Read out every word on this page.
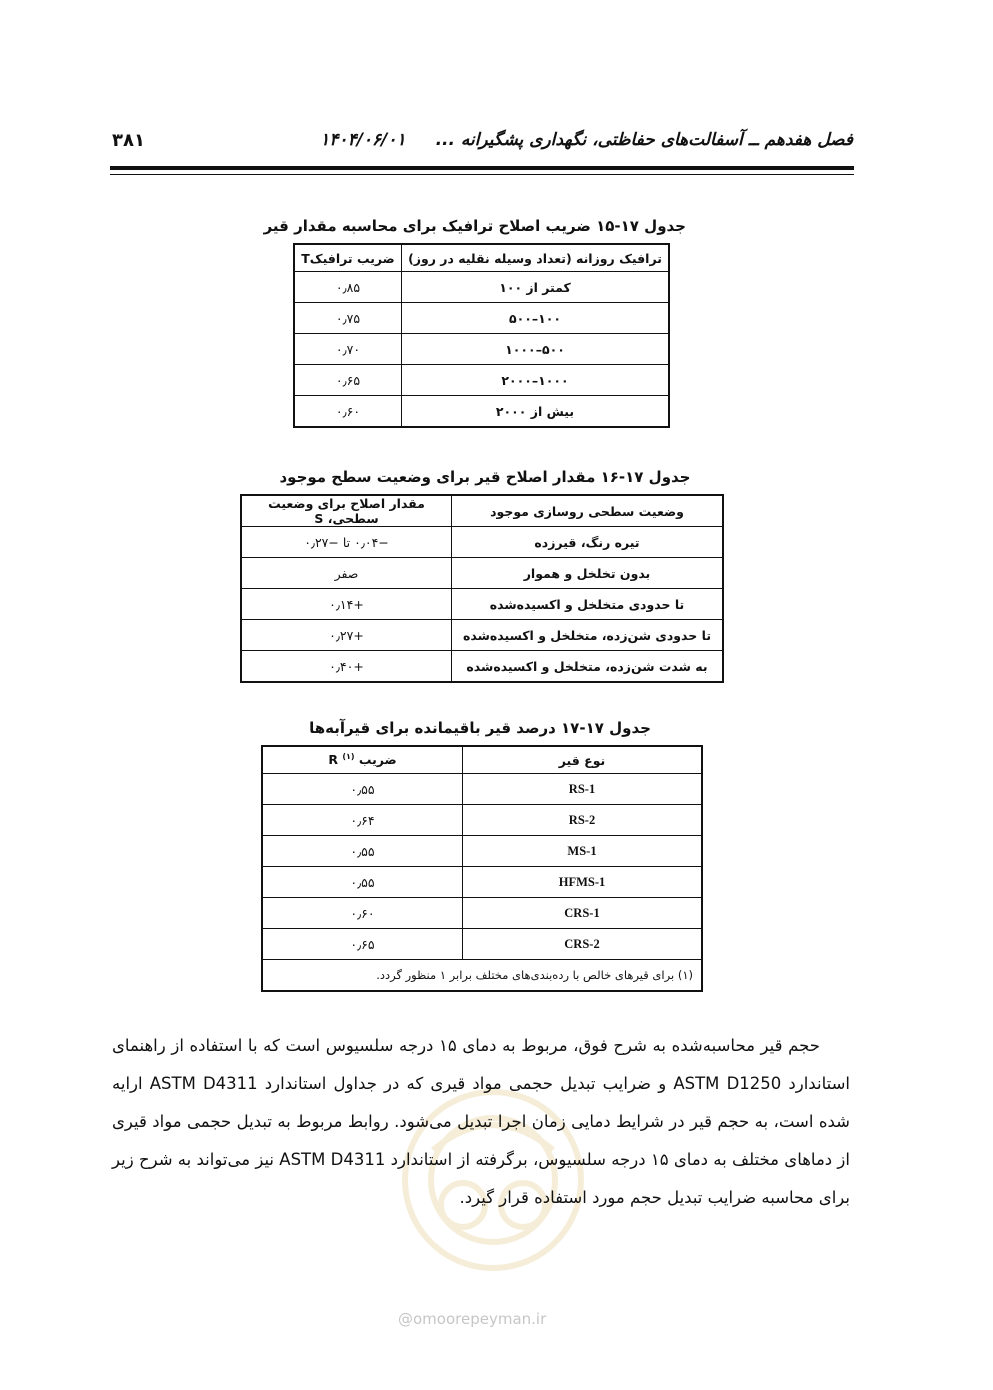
۳۸۱	فصل هفدهم ــ آسفالت‌های حفاظتی، نگهداری پشگیرانه ... ۱۴۰۴/۰۶/۰۱
جدول ۱۷-۱۵ ضریب اصلاح ترافیک برای محاسبه مقدار قیر
ترافیک روزانه (تعداد وسیله نقلیه در روز)	ضریب ترافیکT
کمتر از ۱۰۰	۰٫۸۵
۱۰۰–۵۰۰	۰٫۷۵
۵۰۰–۱۰۰۰	۰٫۷۰
۱۰۰۰–۲۰۰۰	۰٫۶۵
بیش از ۲۰۰۰	۰٫۶۰
جدول ۱۷-۱۶ مقدار اصلاح قیر برای وضعیت سطح موجود
وضعیت سطحی روسازی موجود	مقدار اصلاح برای وضعیت سطحی، S
تیره رنگ، قیرزده	−۰٫۰۴ تا −۰٫۲۷
بدون تخلخل و هموار	صفر
تا حدودی متخلخل و اکسیده‌شده	+۰٫۱۴
تا حدودی شن‌زده، متخلخل و اکسیده‌شده	+۰٫۲۷
به شدت شن‌زده، متخلخل و اکسیده‌شده	+۰٫۴۰
جدول ۱۷-۱۷ درصد قیر باقیمانده برای قیرآبه‌ها
نوع قیر	ضریب R $^{(۱)}$
RS-1	۰٫۵۵
RS-2	۰٫۶۴
MS-1	۰٫۵۵
HFMS-1	۰٫۵۵
CRS-1	۰٫۶۰
CRS-2	۰٫۶۵
(۱) برای قیرهای خالص با رده‌بندی‌های مختلف برابر ۱ منظور گردد.	
@omoorepeyman.ir

حجم قیر محاسبه‌شده به شرح فوق، مربوط به دمای ۱۵ درجه سلسیوس است که با استفاده از راهنمای استاندارد ASTM D1250 و ضرایب تبدیل حجمی مواد قیری که در جداول استاندارد ASTM D4311 ارایه شده است، به حجم قیر در شرایط دمایی زمان اجرا تبدیل می‌شود. روابط مربوط به تبدیل حجمی مواد قیری از دماهای مختلف به دمای ۱۵ درجه سلسیوس، برگرفته از استاندارد ASTM D4311 نیز می‌تواند به شرح زیر برای محاسبه ضرایب تبدیل حجم مورد استفاده قرار گیرد.
